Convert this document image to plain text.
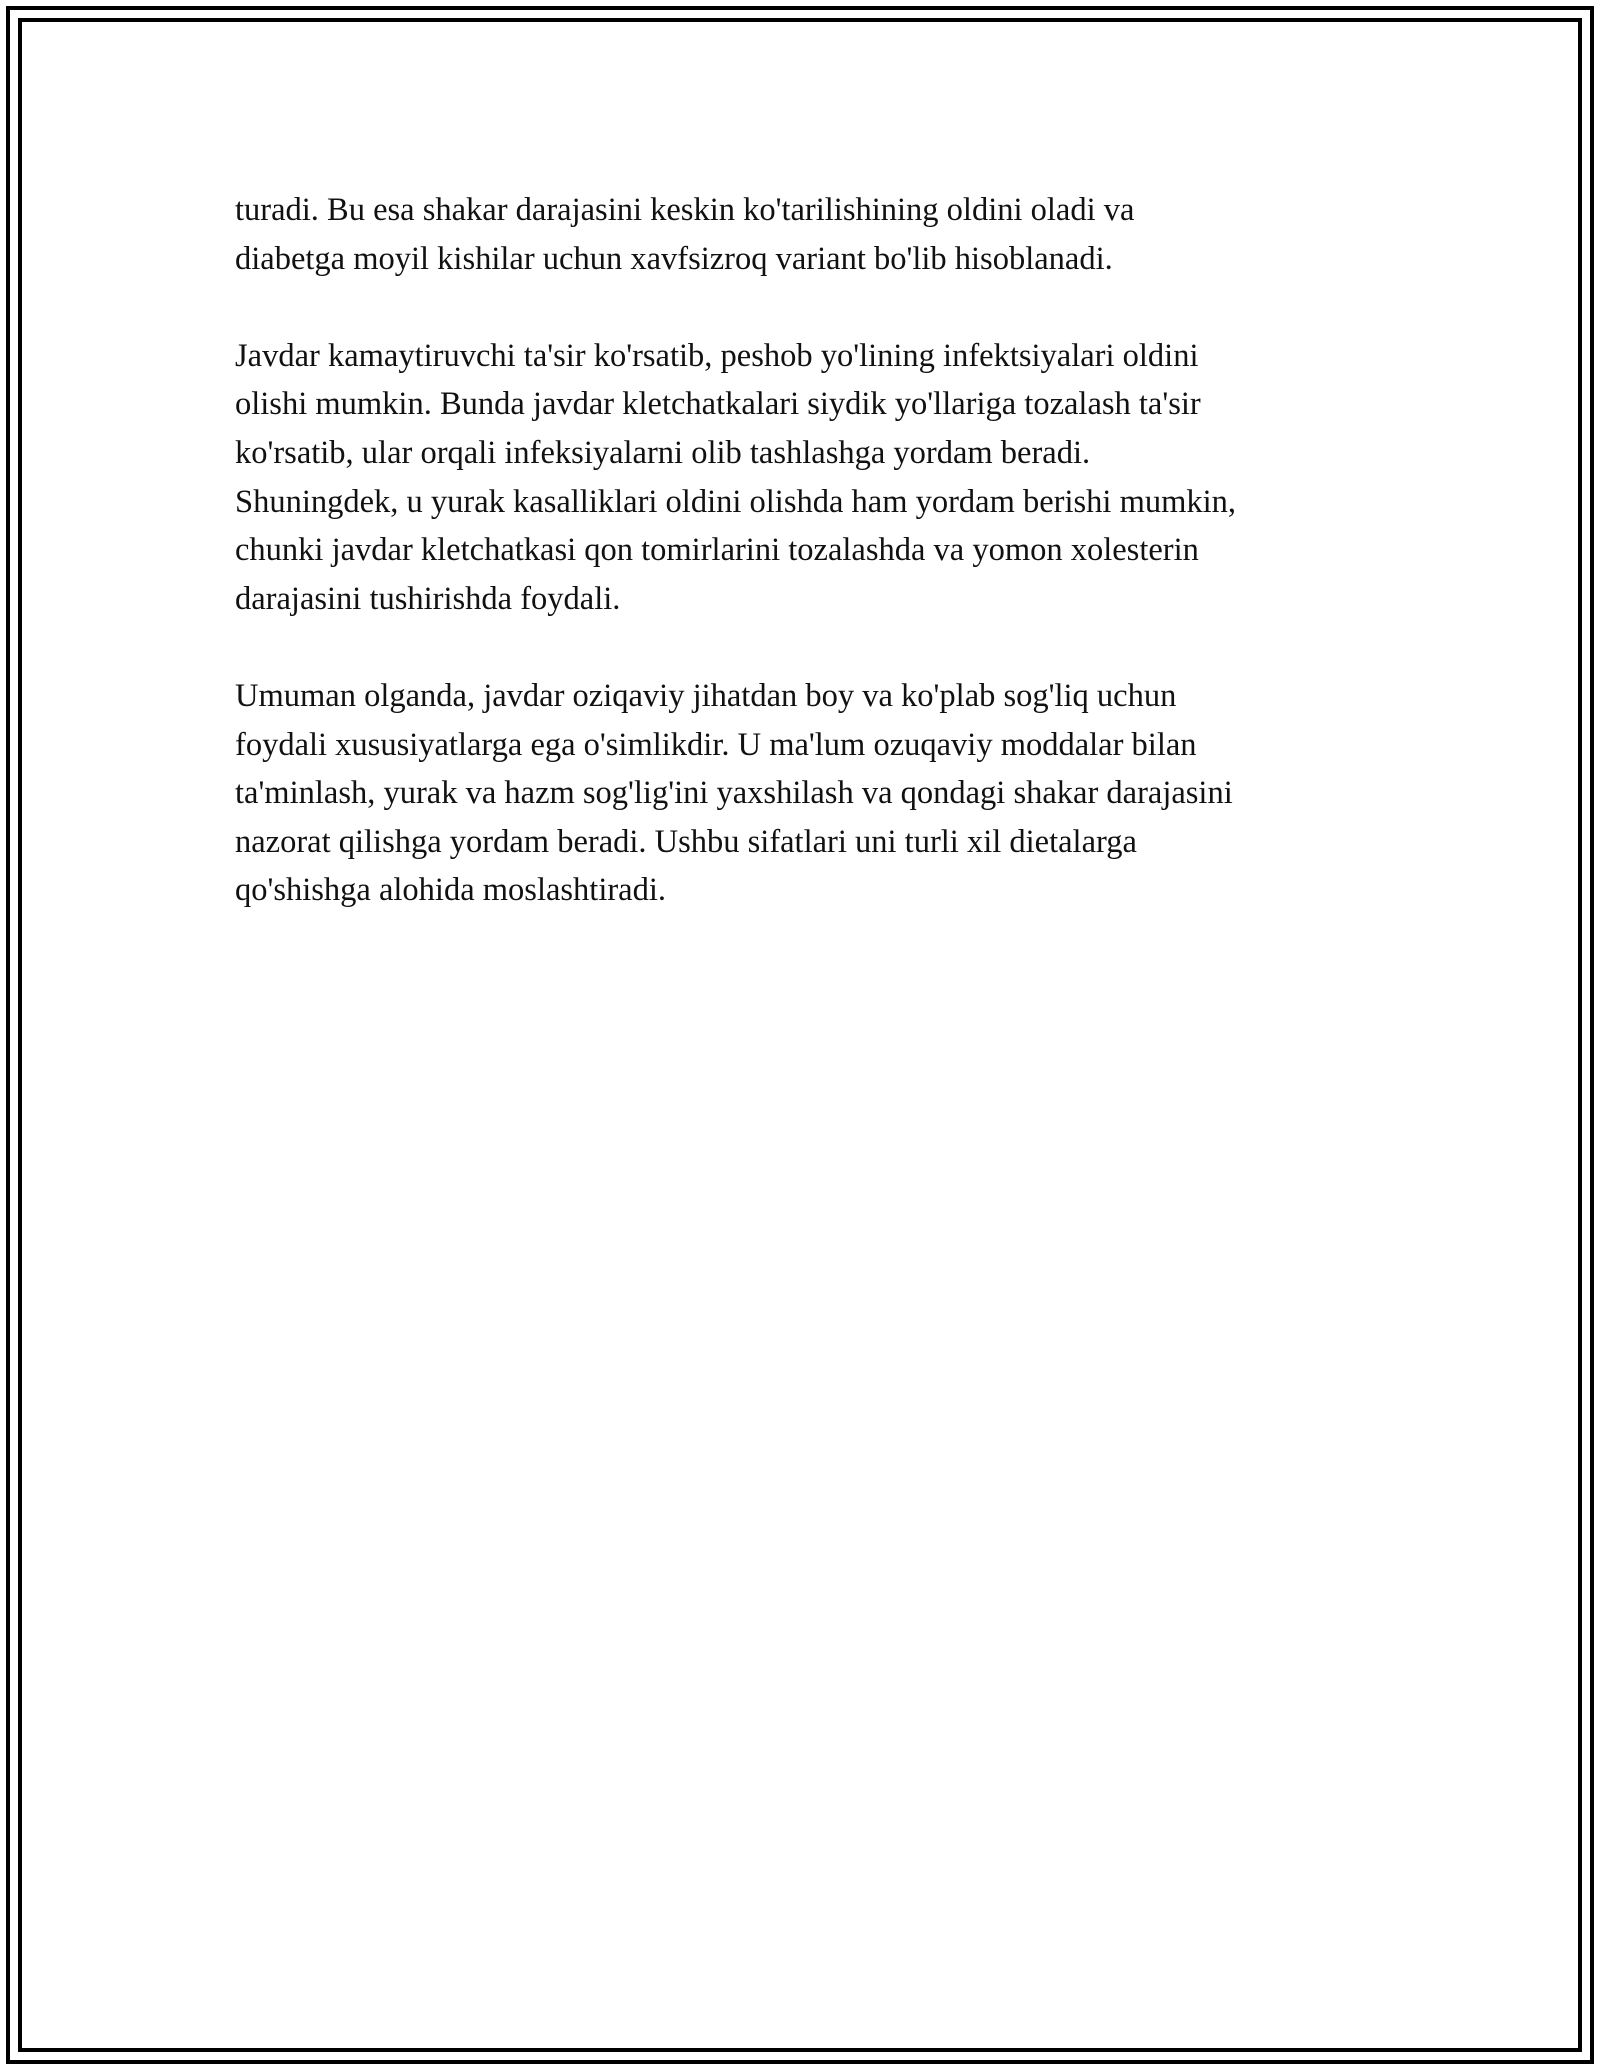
turadi. Bu esa shakar darajasini keskin ko'tarilishining oldini oladi va
diabetga moyil kishilar uchun xavfsizroq variant bo'lib hisoblanadi.

Javdar kamaytiruvchi ta'sir ko'rsatib, peshob yo'lining infektsiyalari oldini
olishi mumkin. Bunda javdar kletchatkalari siydik yo'llariga tozalash ta'sir
ko'rsatib, ular orqali infeksiyalarni olib tashlashga yordam beradi.
Shuningdek, u yurak kasalliklari oldini olishda ham yordam berishi mumkin,
chunki javdar kletchatkasi qon tomirlarini tozalashda va yomon xolesterin
darajasini tushirishda foydali.

Umuman olganda, javdar oziqaviy jihatdan boy va ko'plab sog'liq uchun
foydali xususiyatlarga ega o'simlikdir. U ma'lum ozuqaviy moddalar bilan
ta'minlash, yurak va hazm sog'lig'ini yaxshilash va qondagi shakar darajasini
nazorat qilishga yordam beradi. Ushbu sifatlari uni turli xil dietalarga
qo'shishga alohida moslashtiradi.
